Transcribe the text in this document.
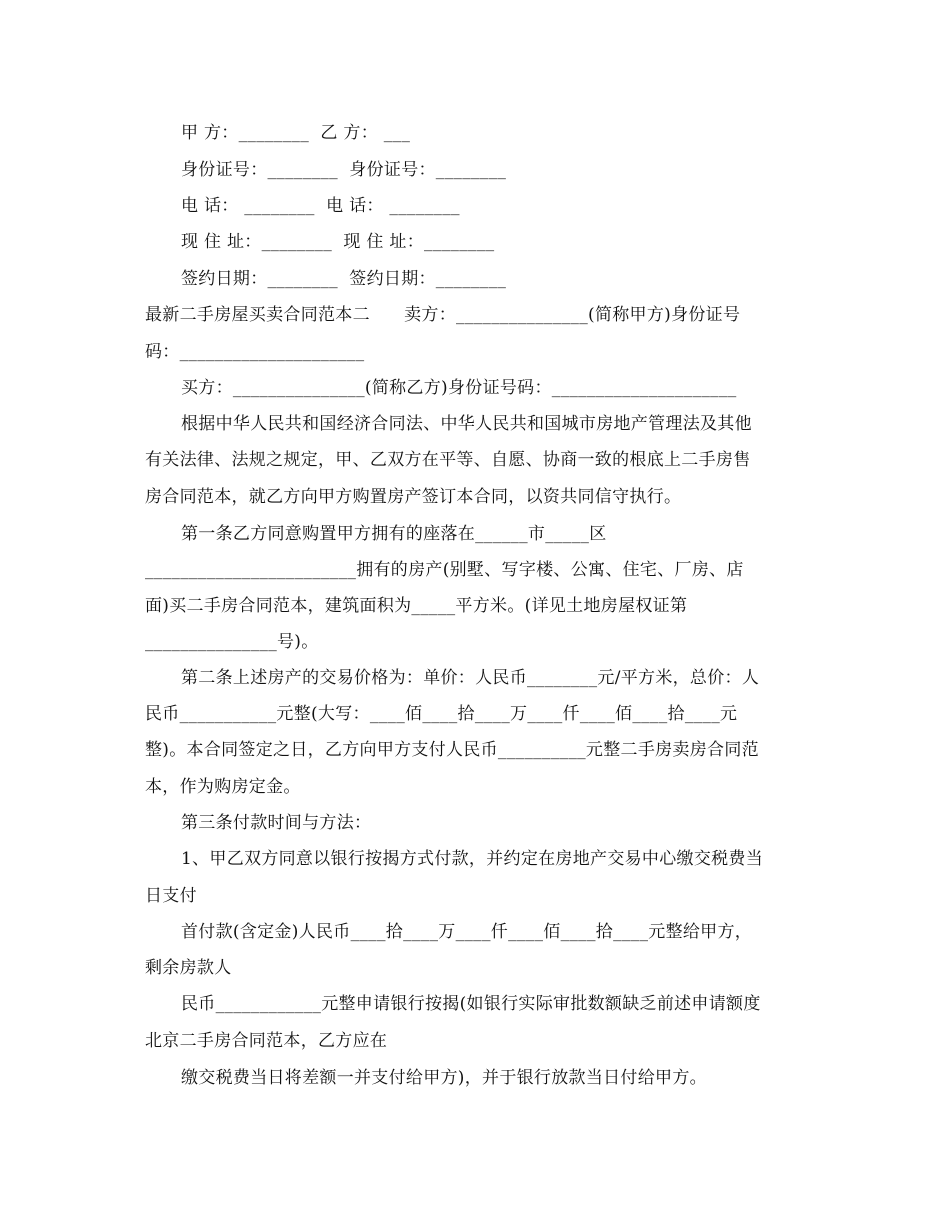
甲 方：________  乙 方： ___
身份证号：________  身份证号：________
电 话： ________  电 话： ________
现 住 址：________  现 住 址：________
签约日期：________  签约日期：________
最新二手房屋买卖合同范本二      卖方：_______________(简称甲方)身份证号
码：_____________________
买方：_______________(简称乙方)身份证号码：_____________________
根据中华人民共和国经济合同法、中华人民共和国城市房地产管理法及其他
有关法律、法规之规定，甲、乙双方在平等、自愿、协商一致的根底上二手房售
房合同范本，就乙方向甲方购置房产签订本合同，以资共同信守执行。
第一条乙方同意购置甲方拥有的座落在______市_____区
________________________拥有的房产(别墅、写字楼、公寓、住宅、厂房、店
面)买二手房合同范本，建筑面积为_____平方米。(详见土地房屋权证第
_______________号)。
第二条上述房产的交易价格为：单价：人民币________元/平方米，总价：人
民币___________元整(大写：____佰____拾____万____仟____佰____拾____元
整)。本合同签定之日，乙方向甲方支付人民币__________元整二手房卖房合同范
本，作为购房定金。
第三条付款时间与方法：
1、甲乙双方同意以银行按揭方式付款，并约定在房地产交易中心缴交税费当
日支付
首付款(含定金)人民币____拾____万____仟____佰____拾____元整给甲方，
剩余房款人
民币____________元整申请银行按揭(如银行实际审批数额缺乏前述申请额度
北京二手房合同范本，乙方应在
缴交税费当日将差额一并支付给甲方)，并于银行放款当日付给甲方。
